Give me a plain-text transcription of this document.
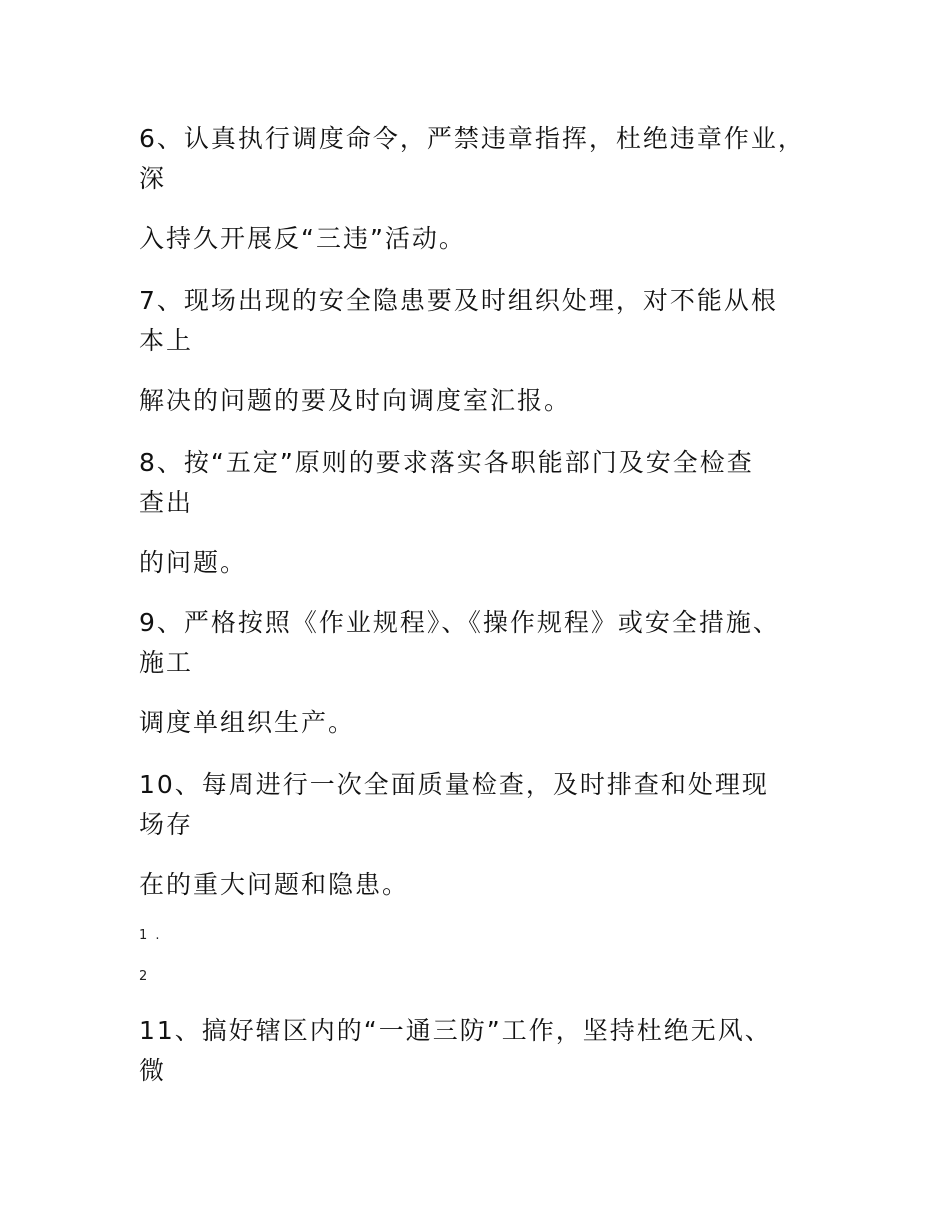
6、认真执行调度命令，严禁违章指挥，杜绝违章作业，

深

入持久开展反“三违”活动。

7、现场出现的安全隐患要及时组织处理，对不能从根

本上

解决的问题的要及时向调度室汇报。

8、按“五定”原则的要求落实各职能部门及安全检查

查出

的问题。

9、严格按照《作业规程》、《操作规程》或安全措施、

施工

调度单组织生产。

10、每周进行一次全面质量检查，及时排查和处理现

场存

在的重大问题和隐患。

1 .

2

11、搞好辖区内的“一通三防”工作，坚持杜绝无风、

微
